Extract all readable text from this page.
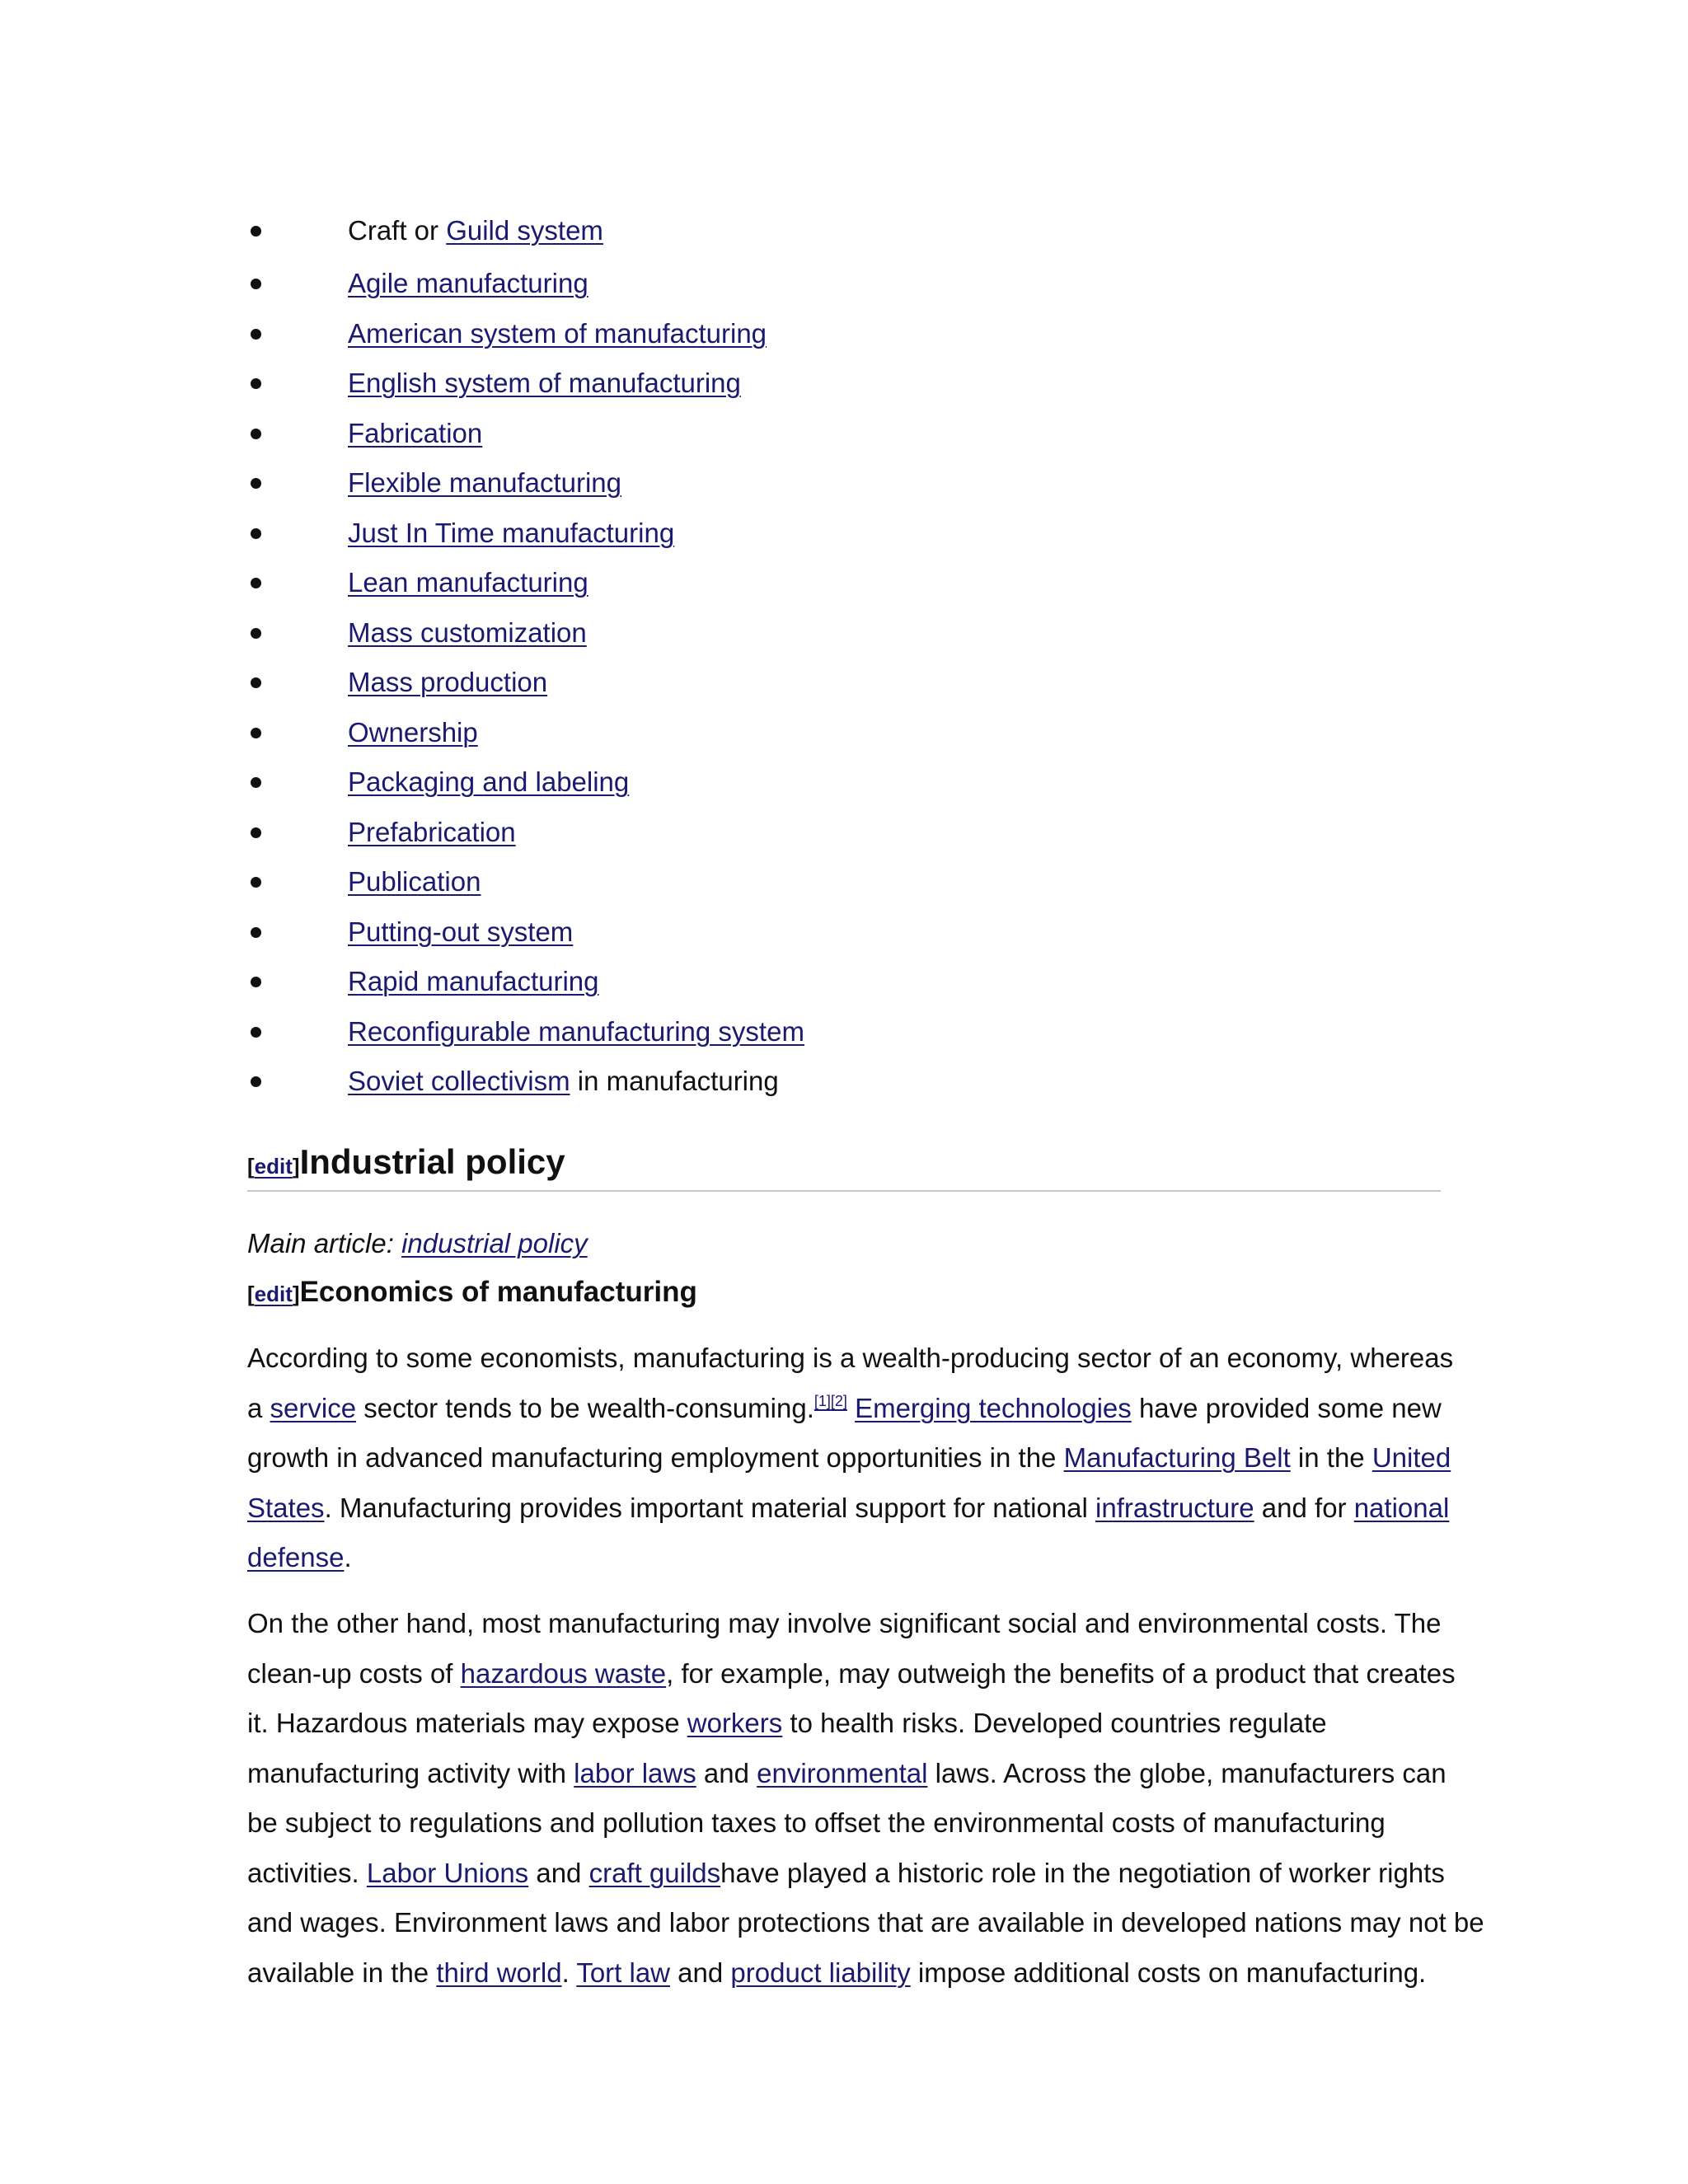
Craft or Guild system
Agile manufacturing
American system of manufacturing
English system of manufacturing
Fabrication
Flexible manufacturing
Just In Time manufacturing
Lean manufacturing
Mass customization
Mass production
Ownership
Packaging and labeling
Prefabrication
Publication
Putting-out system
Rapid manufacturing
Reconfigurable manufacturing system
Soviet collectivism in manufacturing
[edit]Industrial policy
Main article: industrial policy
[edit]Economics of manufacturing

According to some economists, manufacturing is a wealth-producing sector of an economy, whereas
a service sector tends to be wealth-consuming.[1][2] Emerging technologies have provided some new
growth in advanced manufacturing employment opportunities in the Manufacturing Belt in the United
States. Manufacturing provides important material support for national infrastructure and for national
defense.

On the other hand, most manufacturing may involve significant social and environmental costs. The
clean-up costs of hazardous waste, for example, may outweigh the benefits of a product that creates
it. Hazardous materials may expose workers to health risks. Developed countries regulate
manufacturing activity with labor laws and environmental laws. Across the globe, manufacturers can
be subject to regulations and pollution taxes to offset the environmental costs of manufacturing
activities. Labor Unions and craft guildshave played a historic role in the negotiation of worker rights
and wages. Environment laws and labor protections that are available in developed nations may not be
available in the third world. Tort law and product liability impose additional costs on manufacturing.
